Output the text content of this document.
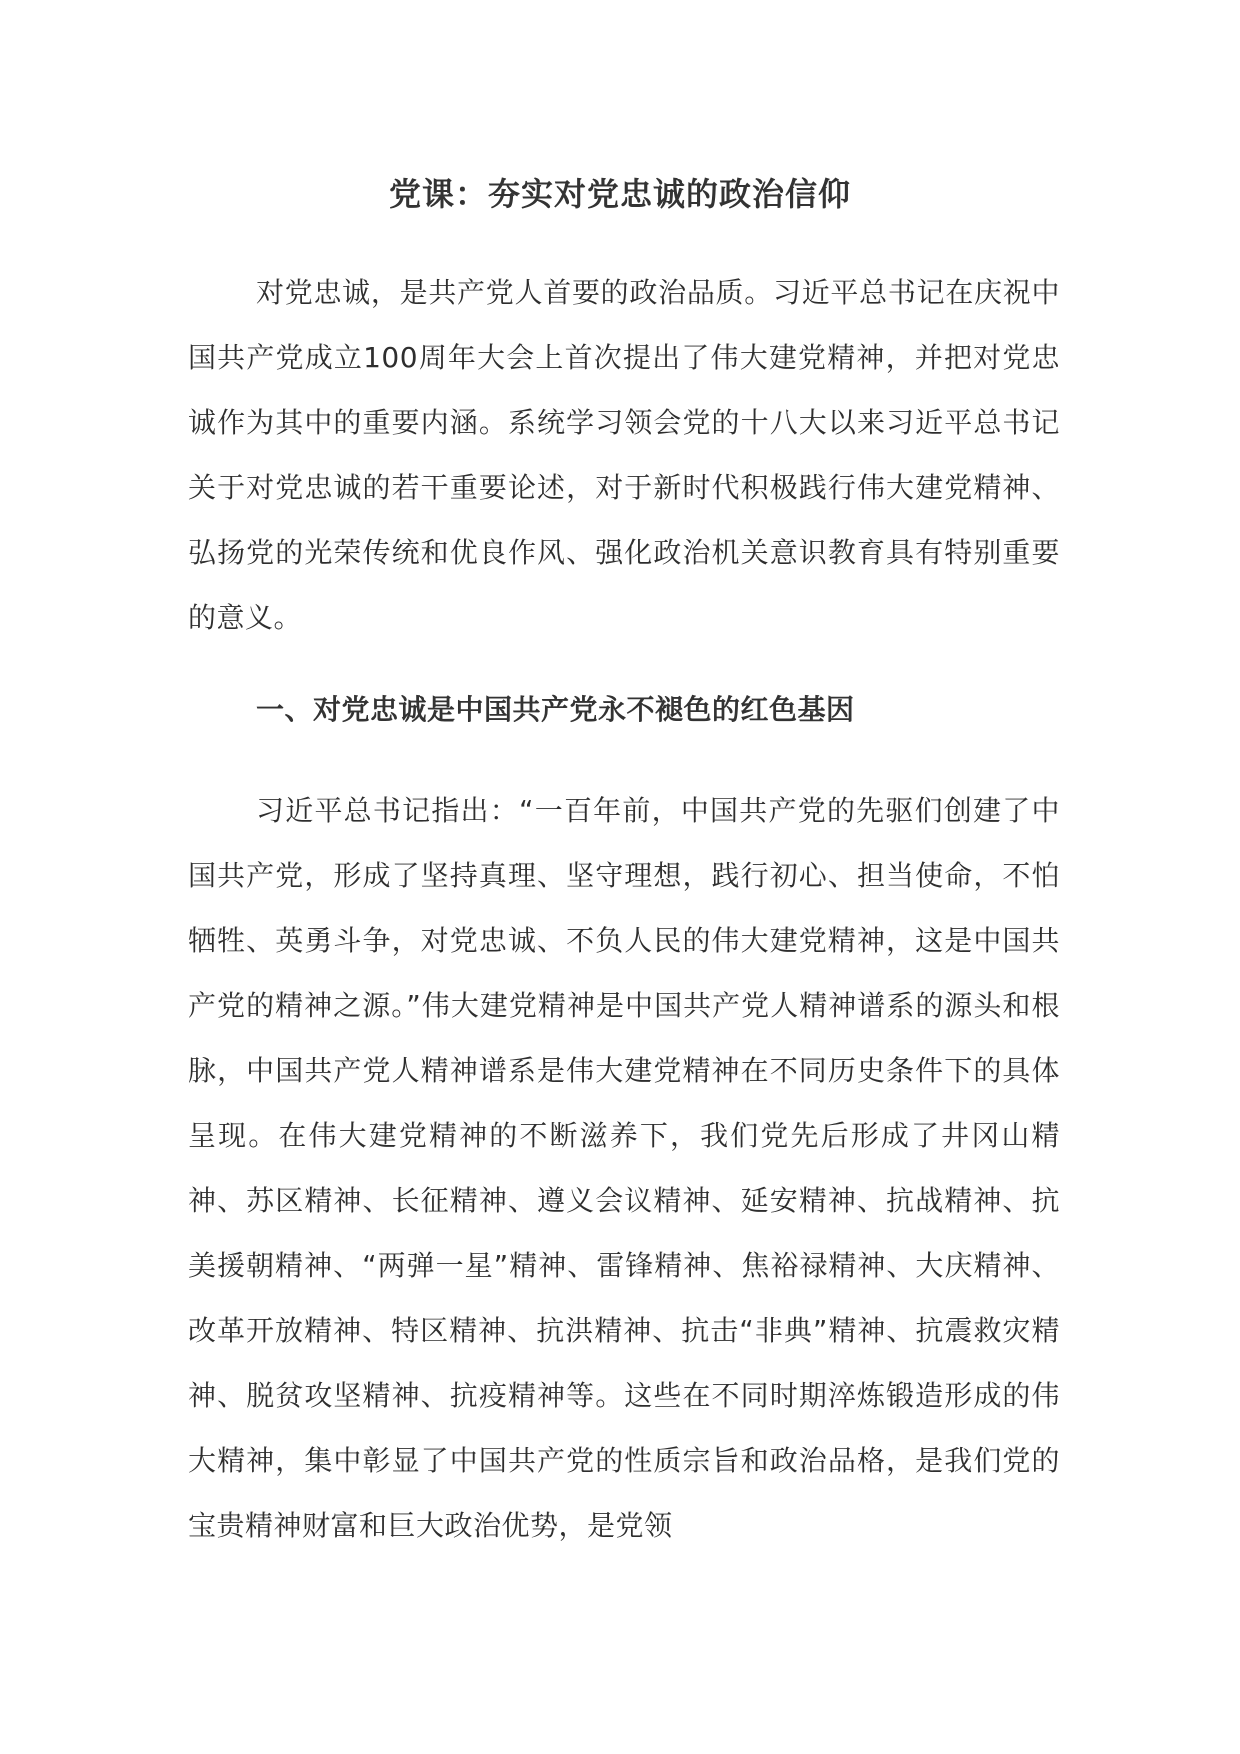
党课：夯实对党忠诚的政治信仰

对党忠诚，是共产党人首要的政治品质。习近平总书记在庆祝中国共产党成立100周年大会上首次提出了伟大建党精神，并把对党忠诚作为其中的重要内涵。系统学习领会党的十八大以来习近平总书记关于对党忠诚的若干重要论述，对于新时代积极践行伟大建党精神、弘扬党的光荣传统和优良作风、强化政治机关意识教育具有特别重要的意义。

一、对党忠诚是中国共产党永不褪色的红色基因

习近平总书记指出：“一百年前，中国共产党的先驱们创建了中国共产党，形成了坚持真理、坚守理想，践行初心、担当使命，不怕牺牲、英勇斗争，对党忠诚、不负人民的伟大建党精神，这是中国共产党的精神之源。”伟大建党精神是中国共产党人精神谱系的源头和根脉，中国共产党人精神谱系是伟大建党精神在不同历史条件下的具体呈现。在伟大建党精神的不断滋养下，我们党先后形成了井冈山精神、苏区精神、长征精神、遵义会议精神、延安精神、抗战精神、抗美援朝精神、“两弹一星”精神、雷锋精神、焦裕禄精神、大庆精神、改革开放精神、特区精神、抗洪精神、抗击“非典”精神、抗震救灾精神、脱贫攻坚精神、抗疫精神等。这些在不同时期淬炼锻造形成的伟大精神，集中彰显了中国共产党的性质宗旨和政治品格，是我们党的宝贵精神财富和巨大政治优势，是党领
